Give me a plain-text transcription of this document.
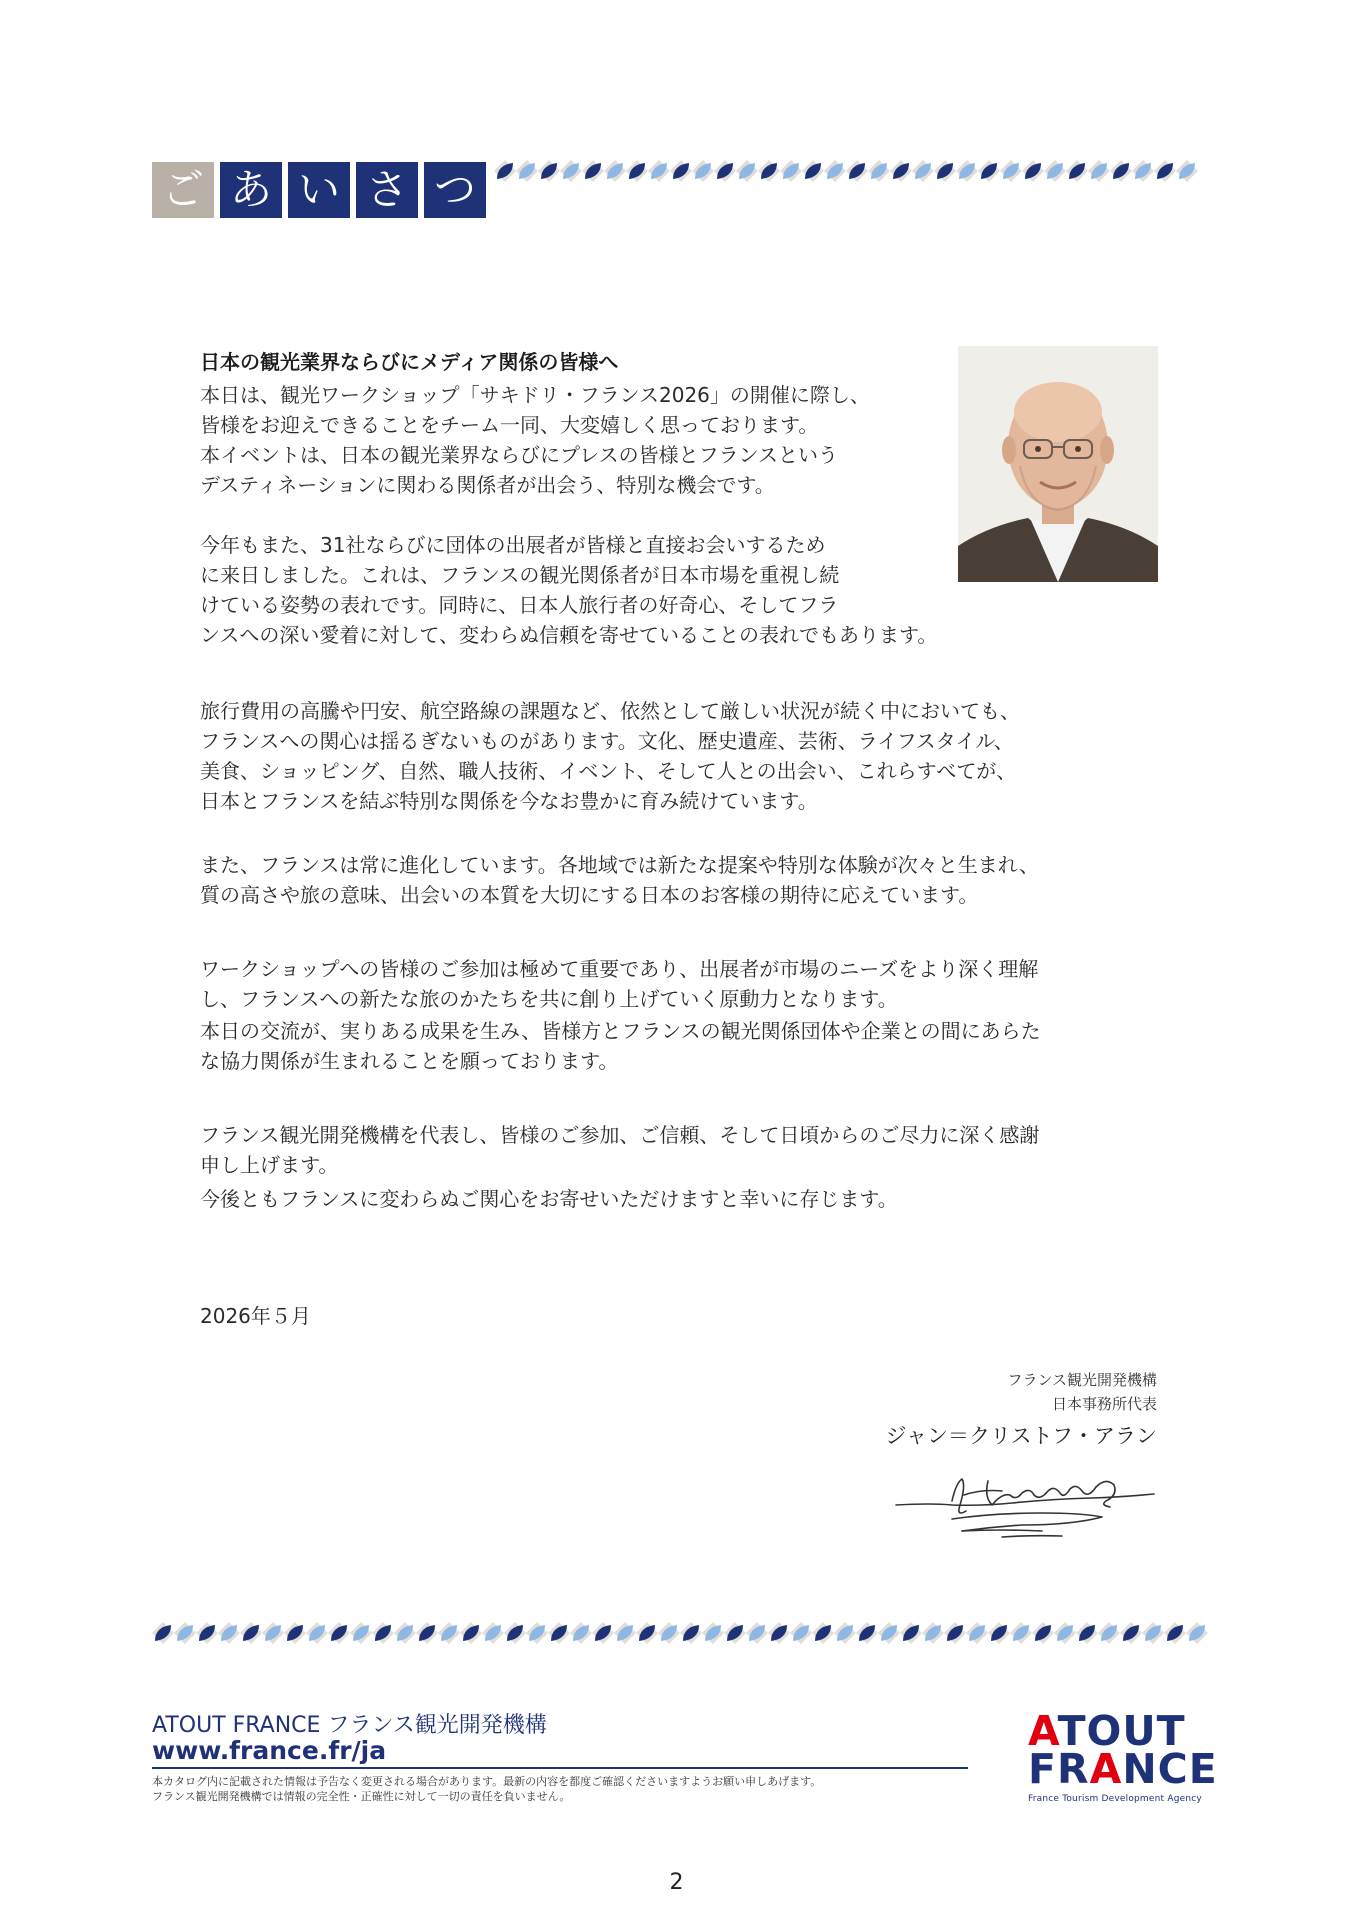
ご あ い さ つ
日本の観光業界ならびにメディア関係の皆様へ
本日は、観光ワークショップ「サキドリ・フランス2026」の開催に際し、
皆様をお迎えできることをチーム一同、大変嬉しく思っております。
本イベントは、日本の観光業界ならびにプレスの皆様とフランスという
デスティネーションに関わる関係者が出会う、特別な機会です。
今年もまた、31社ならびに団体の出展者が皆様と直接お会いするため
に来日しました。これは、フランスの観光関係者が日本市場を重視し続
けている姿勢の表れです。同時に、日本人旅行者の好奇心、そしてフラ
ンスへの深い愛着に対して、変わらぬ信頼を寄せていることの表れでもあります。
旅行費用の高騰や円安、航空路線の課題など、依然として厳しい状況が続く中においても、
フランスへの関心は揺るぎないものがあります。文化、歴史遺産、芸術、ライフスタイル、
美食、ショッピング、自然、職人技術、イベント、そして人との出会い、これらすべてが、
日本とフランスを結ぶ特別な関係を今なお豊かに育み続けています。
また、フランスは常に進化しています。各地域では新たな提案や特別な体験が次々と生まれ、
質の高さや旅の意味、出会いの本質を大切にする日本のお客様の期待に応えています。
ワークショップへの皆様のご参加は極めて重要であり、出展者が市場のニーズをより深く理解
し、フランスへの新たな旅のかたちを共に創り上げていく原動力となります。
本日の交流が、実りある成果を生み、皆様方とフランスの観光関係団体や企業との間にあらた
な協力関係が生まれることを願っております。
フランス観光開発機構を代表し、皆様のご参加、ご信頼、そして日頃からのご尽力に深く感謝
申し上げます。
今後ともフランスに変わらぬご関心をお寄せいただけますと幸いに存じます。
2026年５月
フランス観光開発機構
日本事務所代表
ジャン＝クリストフ・アラン
ATOUT FRANCE フランス観光開発機構
www.france.fr/ja
本カタログ内に記載された情報は予告なく変更される場合があります。最新の内容を都度ご確認くださいますようお願い申しあげます。
フランス観光開発機構では情報の完全性・正確性に対して一切の責任を負いません。
ATOUT
FRANCE
France Tourism Development Agency
2
